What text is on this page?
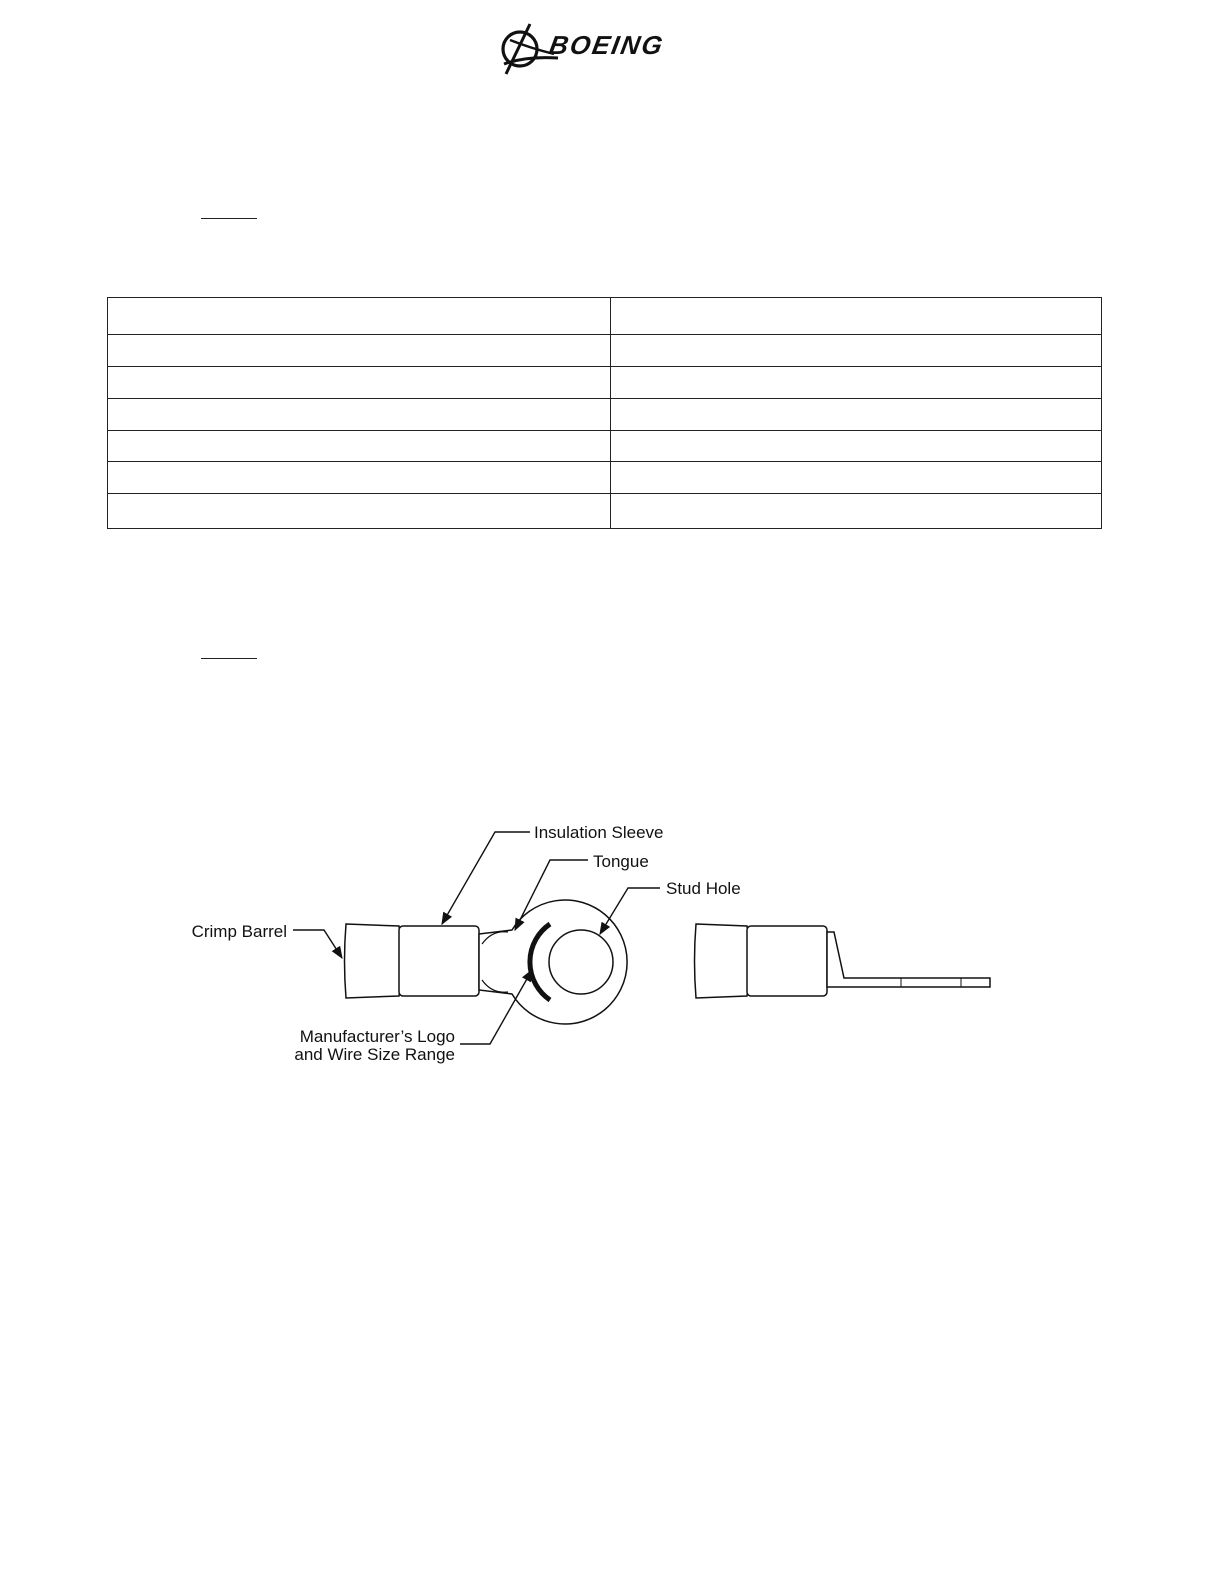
BOEING

Insulation Sleeve
Tongue
Stud Hole
Crimp Barrel
Manufacturer’s Logo
and Wire Size Range
